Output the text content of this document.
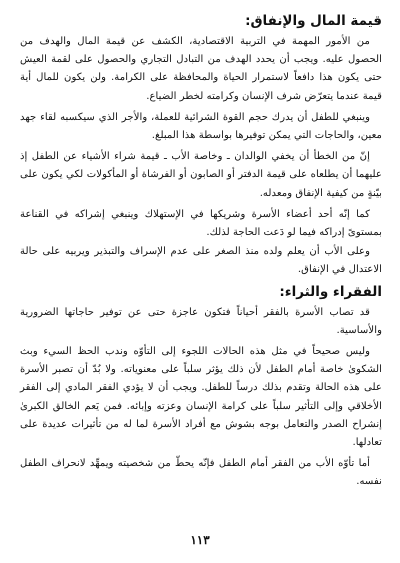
قيمة المال والإنفاق:

من الأمور المهمة في التربية الاقتصادية، الكشف عن قيمة المال والهدف من الحصول عليه. ويجب أن يحدد الهدف من التبادل التجاري والحصول على لقمة العيش حتى يكون هذا دافعاً لاستمرار الحياة والمحافظة على الكرامة. ولن يكون للمال أية قيمة عندما يتعرّض شرف الإنسان وكرامته لخطر الضياع.

وينبغي للطفل أن يدرك حجم القوة الشرائية للعملة، والأجر الذي سيكسبه لقاء جهد معين، والحاجات التي يمكن توفيرها بواسطة هذا المبلغ.

إنّ من الخطأ أن يخفي الوالدان ـ وخاصة الأب ـ قيمة شراء الأشياء عن الطفل إذ عليهما أن يطلعاه على قيمة الدفتر أو الصابون أو الفرشاة أو المأكولات لكي يكون على بيّنةٍ من كيفية الإنفاق ومعدله.

كما إنّه أحد أعضاء الأسرة وشريكها في الإستهلاك وينبغي إشراكه في القناعة بمستوىً إدراكه فيما لو دَعت الحاجة لذلك.

وعلى الأب أن يعلم ولده منذ الصغر على عدم الإسراف والتبذير ويربيه على حالة الاعتدال في الإنفاق.

الفقراء والثراء:

قد تصاب الأسرة بالفقر أحياناً فتكون عاجزة حتى عن توفير حاجاتها الضرورية والأساسية.

وليس صحيحاً في مثل هذه الحالات اللجوء إلى التأوّه وندب الحظ السيء وبث الشكوىٰ خاصة أمام الطفل لأن ذلك يؤثر سلباً على معنوياته. ولا بُدّ أن تصبر الأسرة على هذه الحالة وتقدم بذلك درساً للطفل. ويجب أن لا يؤدي الفقر المادي إلى الفقر الأخلاقي وإلى التأثير سلباً على كرامة الإنسان وعزته وإبائه. فمن يَعم الخالق الكبرىٰ إنشراح الصدر والتعامل بوجه بشوش مع أفراد الأسرة لما له من تأثيرات عديدة على تعادلها.

أما تأوّه الأب من الفقر أمام الطفل فإنّه يحطّ من شخصيته ويمهِّد لانحراف الطفل نفسه.

١١٣
